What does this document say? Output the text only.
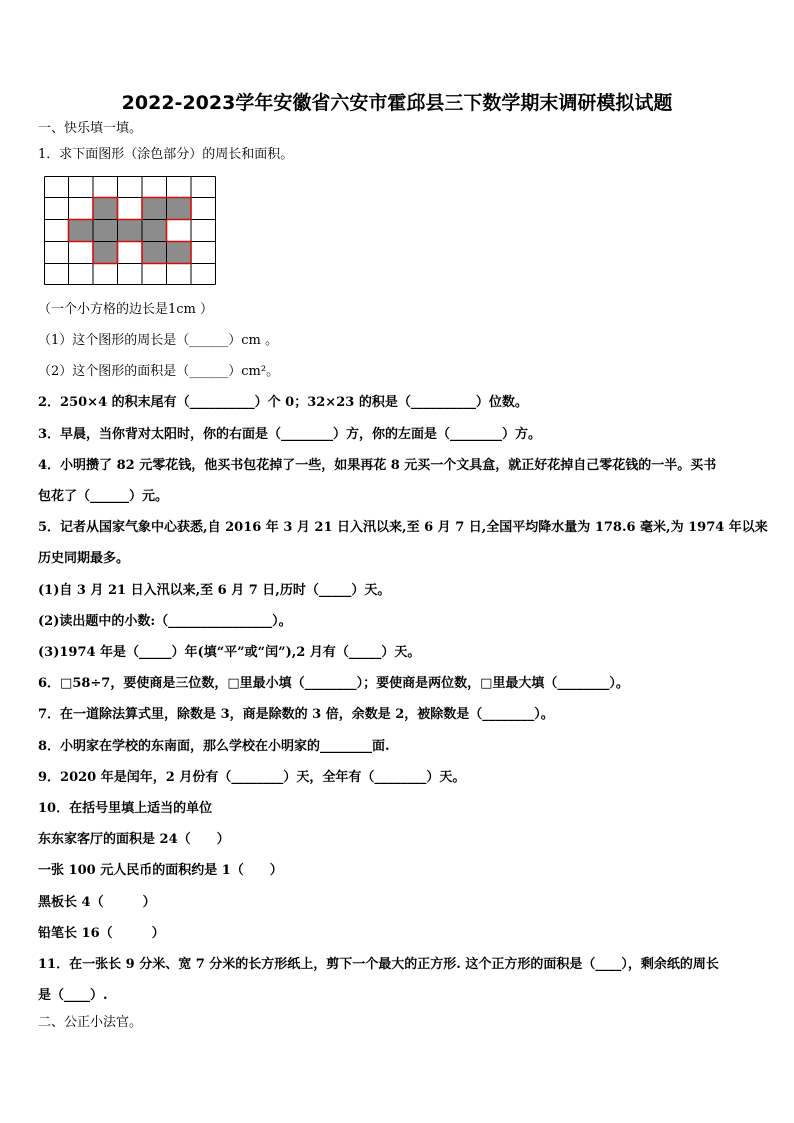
2022-2023学年安徽省六安市霍邱县三下数学期末调研模拟试题
一、快乐填一填。
1．求下面图形（涂色部分）的周长和面积。
（一个小方格的边长是1cm ）
（1）这个图形的周长是（______）cm 。
（2）这个图形的面积是（______）cm²。
2．250×4 的积末尾有（__________）个 0；32×23 的积是（__________）位数。
3．早晨，当你背对太阳时，你的右面是（________）方，你的左面是（________）方。
4．小明攒了 82 元零花钱，他买书包花掉了一些，如果再花 8 元买一个文具盒，就正好花掉自己零花钱的一半。买书
包花了（______）元。
5．记者从国家气象中心获悉,自 2016 年 3 月 21 日入汛以来,至 6 月 7 日,全国平均降水量为 178.6 毫米,为 1974 年以来
历史同期最多。
(1)自 3 月 21 日入汛以来,至 6 月 7 日,历时（_____）天。
(2)读出题中的小数:（________________）。
(3)1974 年是（_____）年(填“平”或“闰”),2 月有（_____）天。
6．□58÷7，要使商是三位数，□里最小填（________）；要使商是两位数，□里最大填（________）。
7．在一道除法算式里，除数是 3，商是除数的 3 倍，余数是 2，被除数是（________）。
8．小明家在学校的东南面，那么学校在小明家的________面.
9．2020 年是闰年，2 月份有（________）天，全年有（________）天。
10．在括号里填上适当的单位
东东家客厅的面积是 24（　　）
一张 100 元人民币的面积约是 1（　　）
黑板长 4（　　　）
铅笔长 16（　　　）
11．在一张长 9 分米、宽 7 分米的长方形纸上，剪下一个最大的正方形. 这个正方形的面积是（____），剩余纸的周长
是（____）.
二、公正小法官。
